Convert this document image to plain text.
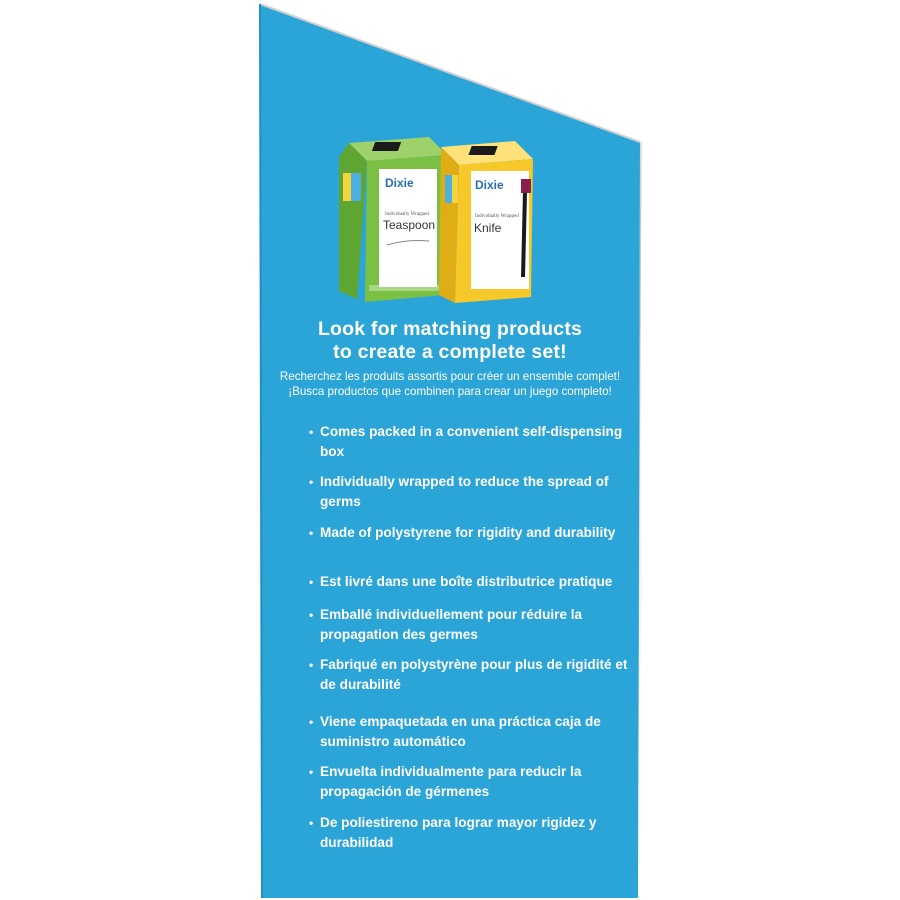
Dixie
Individually Wrapped
Teaspoon
Dixie
Individually Wrapped
Knife
Look for matching products
to create a complete set!
Recherchez les produits assortis pour créer un ensemble complet!
¡Busca productos que combinen para crear un juego completo!
• Comes packed in a convenient self-dispensing box
• Individually wrapped to reduce the spread of germs
• Made of polystyrene for rigidity and durability
• Est livré dans une boîte distributrice pratique
• Emballé individuellement pour réduire la propagation des germes
• Fabriqué en polystyrène pour plus de rigidité et de durabilité
• Viene empaquetada en una práctica caja de suministro automático
• Envuelta individualmente para reducir la propagación de gérmenes
• De poliestireno para lograr mayor rigidez y durabilidad
